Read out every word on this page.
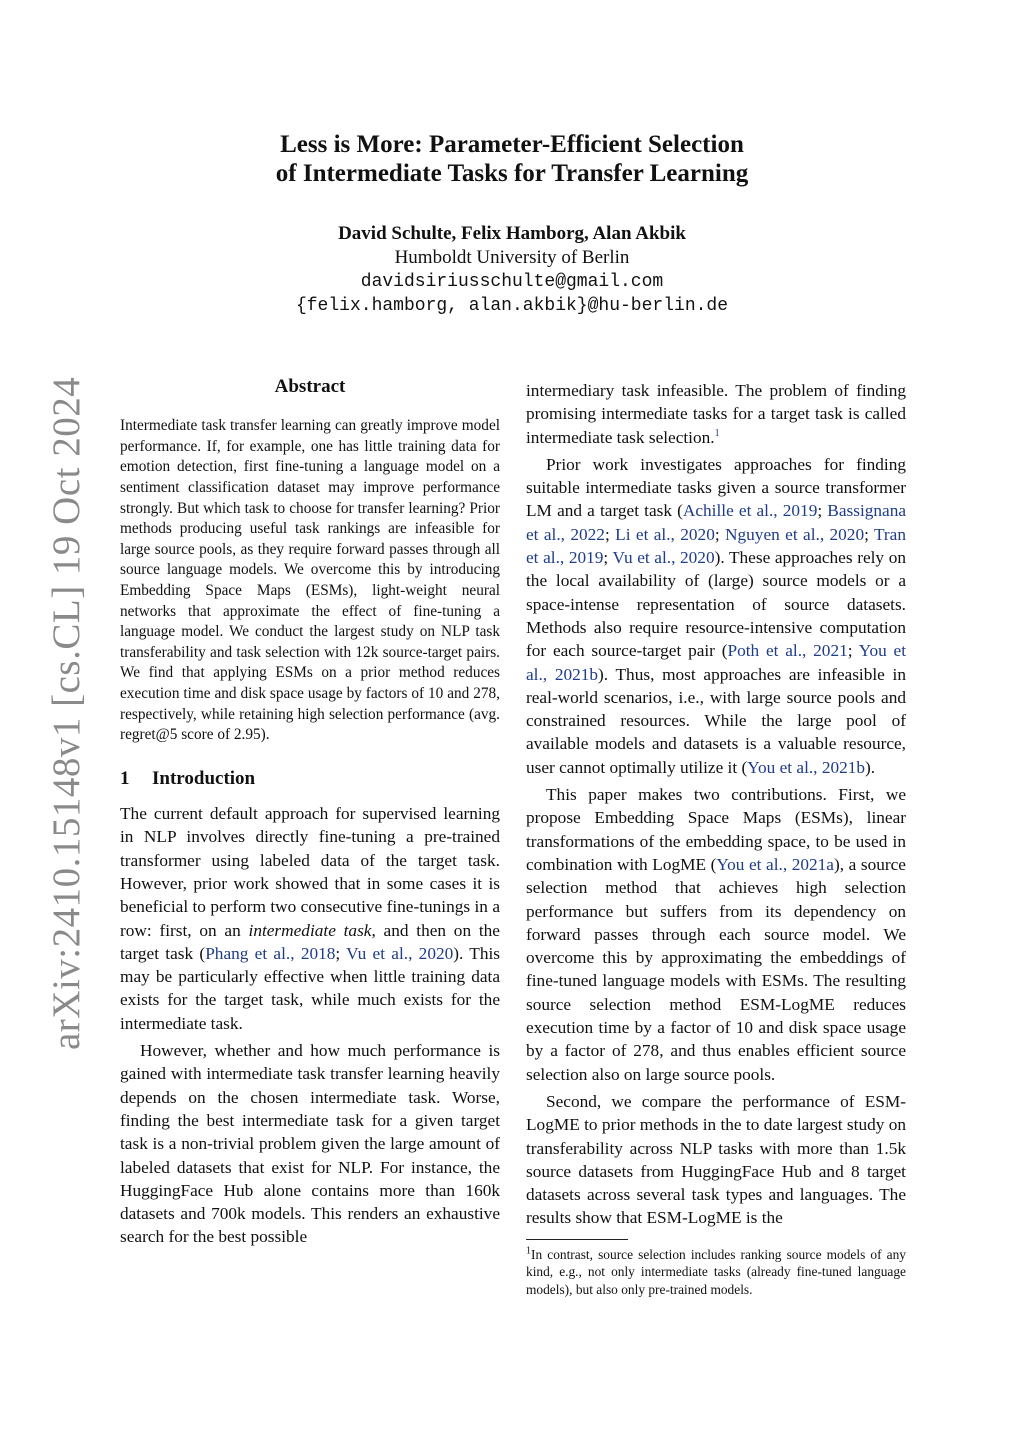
arXiv:2410.15148v1 [cs.CL] 19 Oct 2024
Less is More: Parameter-Efficient Selection
of Intermediate Tasks for Transfer Learning
David Schulte, Felix Hamborg, Alan Akbik
Humboldt University of Berlin
davidsiriusschulte@gmail.com
{felix.hamborg, alan.akbik}@hu-berlin.de
Abstract

Intermediate task transfer learning can greatly improve model performance. If, for example, one has little training data for emotion detection, first fine-tuning a language model on a sentiment classification dataset may improve performance strongly. But which task to choose for transfer learning? Prior methods producing useful task rankings are infeasible for large source pools, as they require forward passes through all source language models. We overcome this by introducing Embedding Space Maps (ESMs), light-weight neural networks that approximate the effect of fine-tuning a language model. We conduct the largest study on NLP task transferability and task selection with 12k source-target pairs. We find that applying ESMs on a prior method reduces execution time and disk space usage by factors of 10 and 278, respectively, while retaining high selection performance (avg. regret@5 score of 2.95).

1 Introduction

The current default approach for supervised learning in NLP involves directly fine-tuning a pre-trained transformer using labeled data of the target task. However, prior work showed that in some cases it is beneficial to perform two consecutive fine-tunings in a row: first, on an intermediate task, and then on the target task (Phang et al., 2018; Vu et al., 2020). This may be particularly effective when little training data exists for the target task, while much exists for the intermediate task.

However, whether and how much performance is gained with intermediate task transfer learning heavily depends on the chosen intermediate task. Worse, finding the best intermediate task for a given target task is a non-trivial problem given the large amount of labeled datasets that exist for NLP. For instance, the HuggingFace Hub alone contains more than 160k datasets and 700k models. This renders an exhaustive search for the best possible

intermediary task infeasible. The problem of finding promising intermediate tasks for a target task is called intermediate task selection.$^1$

Prior work investigates approaches for finding suitable intermediate tasks given a source transformer LM and a target task (Achille et al., 2019; Bassignana et al., 2022; Li et al., 2020; Nguyen et al., 2020; Tran et al., 2019; Vu et al., 2020). These approaches rely on the local availability of (large) source models or a space-intense representation of source datasets. Methods also require resource-intensive computation for each source-target pair (Poth et al., 2021; You et al., 2021b). Thus, most approaches are infeasible in real-world scenarios, i.e., with large source pools and constrained resources. While the large pool of available models and datasets is a valuable resource, user cannot optimally utilize it (You et al., 2021b).

This paper makes two contributions. First, we propose Embedding Space Maps (ESMs), linear transformations of the embedding space, to be used in combination with LogME (You et al., 2021a), a source selection method that achieves high selection performance but suffers from its dependency on forward passes through each source model. We overcome this by approximating the embeddings of fine-tuned language models with ESMs. The resulting source selection method ESM-LogME reduces execution time by a factor of 10 and disk space usage by a factor of 278, and thus enables efficient source selection also on large source pools.

Second, we compare the performance of ESM-LogME to prior methods in the to date largest study on transferability across NLP tasks with more than 1.5k source datasets from HuggingFace Hub and 8 target datasets across several task types and languages. The results show that ESM-LogME is the

$^1$In contrast, source selection includes ranking source models of any kind, e.g., not only intermediate tasks (already fine-tuned language models), but also only pre-trained models.
